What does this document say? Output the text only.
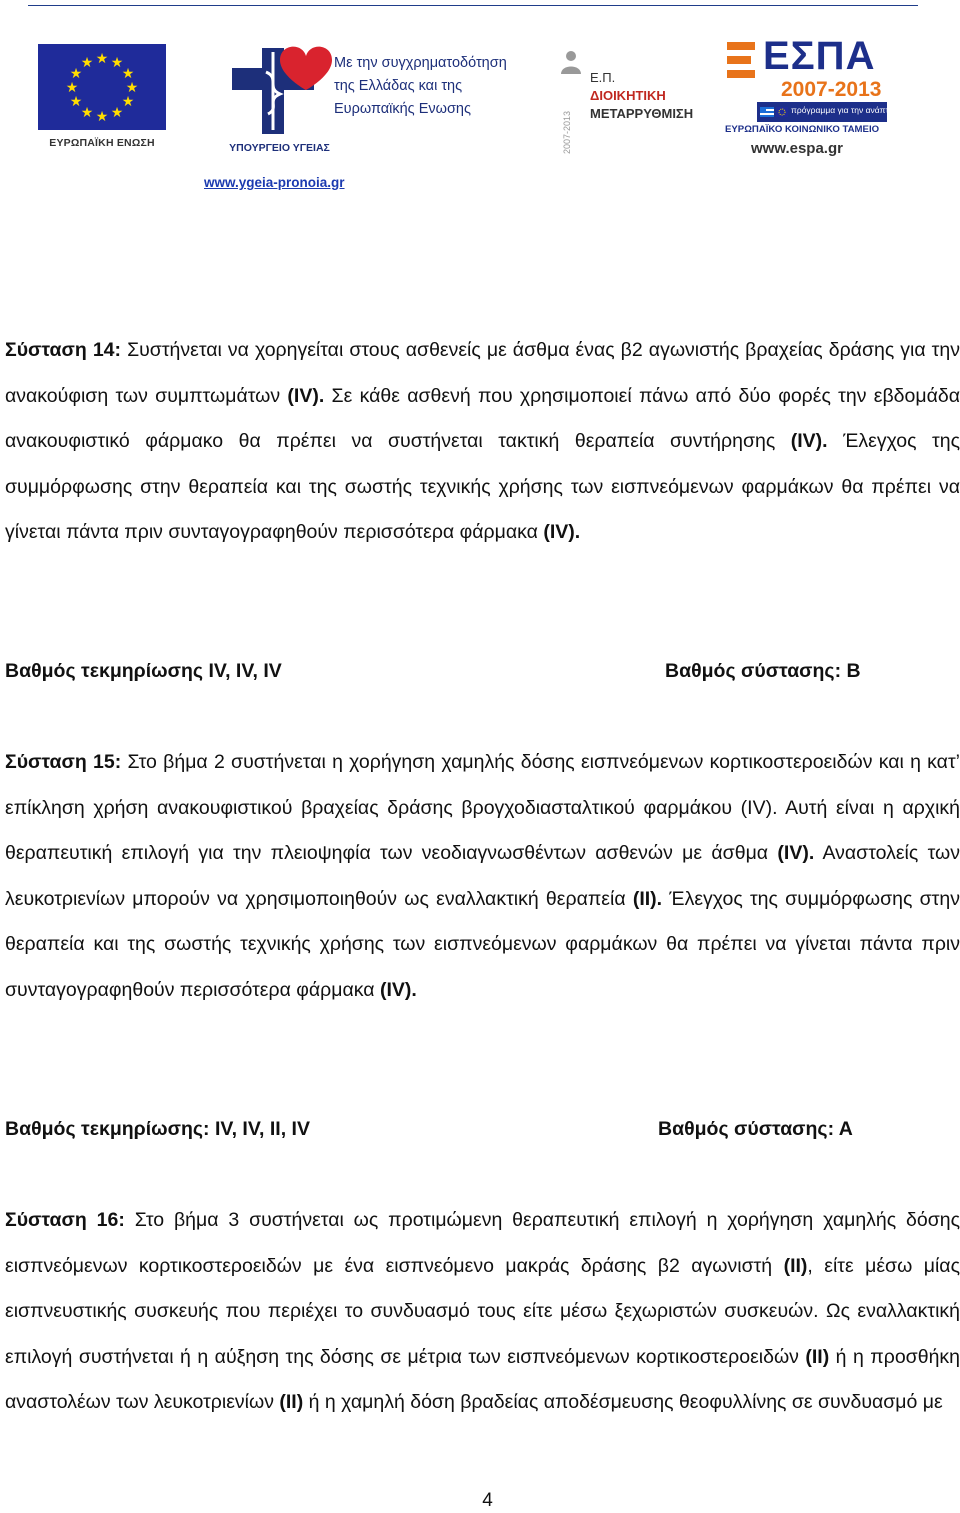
★ ★
★
★
★
★
★
★
★
★
★
★
ΕΥΡΩΠΑΪΚΗ ΕΝΩΣΗ	ΥΠΟΥΡΓΕΙΟ ΥΓΕΙΑΣ
Με την συγχρηματοδότηση
της Ελλάδας και της
Ευρωπαϊκής Ενωσης
www.ygeia-pronoia.gr
2007-2013
Ε.Π.
ΔΙΟΙΚΗΤΙΚΗ
ΜΕΤΑΡΡΥΘΜΙΣΗ
ΕΣΠΑ
2007-2013
πρόγραμμα για την ανάπτυξη
ΕΥΡΩΠΑΪΚΟ ΚΟΙΝΩΝΙΚΟ ΤΑΜΕΙΟ
www.espa.gr
Σύσταση 14: Συστήνεται να χορηγείται στους ασθενείς με άσθμα ένας β2 αγωνιστής βραχείας δράσης για την ανακούφιση των συμπτωμάτων (IV). Σε κάθε ασθενή που χρησιμοποιεί πάνω από δύο φορές την εβδομάδα ανακουφιστικό φάρμακο θα πρέπει να συστήνεται τακτική θεραπεία συντήρησης (IV). Έλεγχος της συμμόρφωσης στην θεραπεία και της σωστής τεχνικής χρήσης των εισπνεόμενων φαρμάκων θα πρέπει να γίνεται πάντα πριν συνταγογραφηθούν περισσότερα φάρμακα (IV).
Βαθμός τεκμηρίωσης IV, IV, IV	Βαθμός σύστασης: B
Σύσταση 15: Στο βήμα 2 συστήνεται η χορήγηση χαμηλής δόσης εισπνεόμενων κορτικοστεροειδών και η κατ’ επίκληση χρήση ανακουφιστικού βραχείας δράσης βρογχοδιασταλτικού φαρμάκου (IV). Αυτή είναι η αρχική θεραπευτική επιλογή για την πλειοψηφία των νεοδιαγνωσθέντων ασθενών με άσθμα (IV). Αναστολείς των λευκοτριενίων μπορούν να χρησιμοποιηθούν ως εναλλακτική θεραπεία (II). Έλεγχος της συμμόρφωσης στην θεραπεία και της σωστής τεχνικής χρήσης των εισπνεόμενων φαρμάκων θα πρέπει να γίνεται πάντα πριν συνταγογραφηθούν περισσότερα φάρμακα (IV).
Βαθμός τεκμηρίωσης: IV, IV, II, IV	Βαθμός σύστασης: Α
Σύσταση 16: Στο βήμα 3 συστήνεται ως προτιμώμενη θεραπευτική επιλογή η χορήγηση χαμηλής δόσης εισπνεόμενων κορτικοστεροειδών με ένα εισπνεόμενο μακράς δράσης β2 αγωνιστή (II), είτε μέσω μίας εισπνευστικής συσκευής που περιέχει το συνδυασμό τους είτε μέσω ξεχωριστών συσκευών. Ως εναλλακτική επιλογή συστήνεται ή η αύξηση της δόσης σε μέτρια των εισπνεόμενων κορτικοστεροειδών (II) ή η προσθήκη αναστολέων των λευκοτριενίων (II) ή η χαμηλή δόση βραδείας αποδέσμευσης θεοφυλλίνης σε συνδυασμό με
4
